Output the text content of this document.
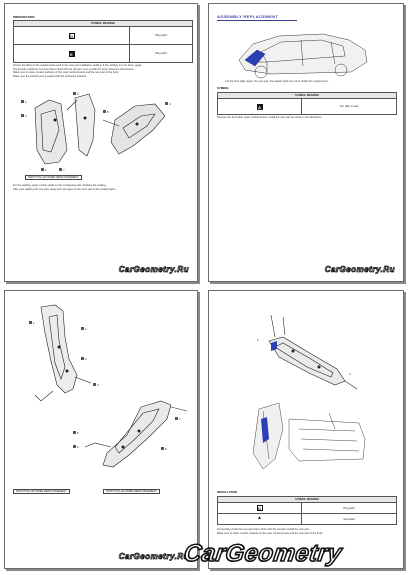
PREPARATION
SYMBOL MEANING	
D	Plug weld
E	Plug weld
Protect the fitting of the related parts used in the new part installation welding. If the welding is to be done, apply...
Temporarily install the new part that is flush with the old part. Line up with the body reference dimensions...
Make sure to clean contact surfaces of the outer reinforcement and the new part of the body.
Make sure the welded part is sealed with the protective material.
1
2
3
4
5
6	7
FRONT PILLAR INNER REINFORCEMENT
For the welding, apply a body sealer to the overlapping part. Replace the sealing...
After spot welding the new part, apply anti-rust agent to the inner part of the related parts...
CarGeometry.Ru
ASSEMBLY REPLACEMENT
Cut the front pillar upper, the new part, the related parts are cut to obtain this replacement...
SYMBOL
SYMBOL MEANING
⚠	Cut, drill, or saw
Remove the front pillar upper reinforcement. Install the new part as shown in the illustration.
CarGeometry.Ru
1
2
3
4
5
6
7
8
FRONT PILLAR INNER REINFORCEMENT	FRONT PILLAR INNER REINFORCEMENT
CarGeometry.Ru
1
2
INSTALLATION
SYMBOL MEANING	
D	Plug weld
▲	Spot weld
Temporarily install the new part that is flush with the old part. Install the new part...
Make sure to clean contact surfaces of the outer reinforcement and the new part of the body.
CarGeometry
